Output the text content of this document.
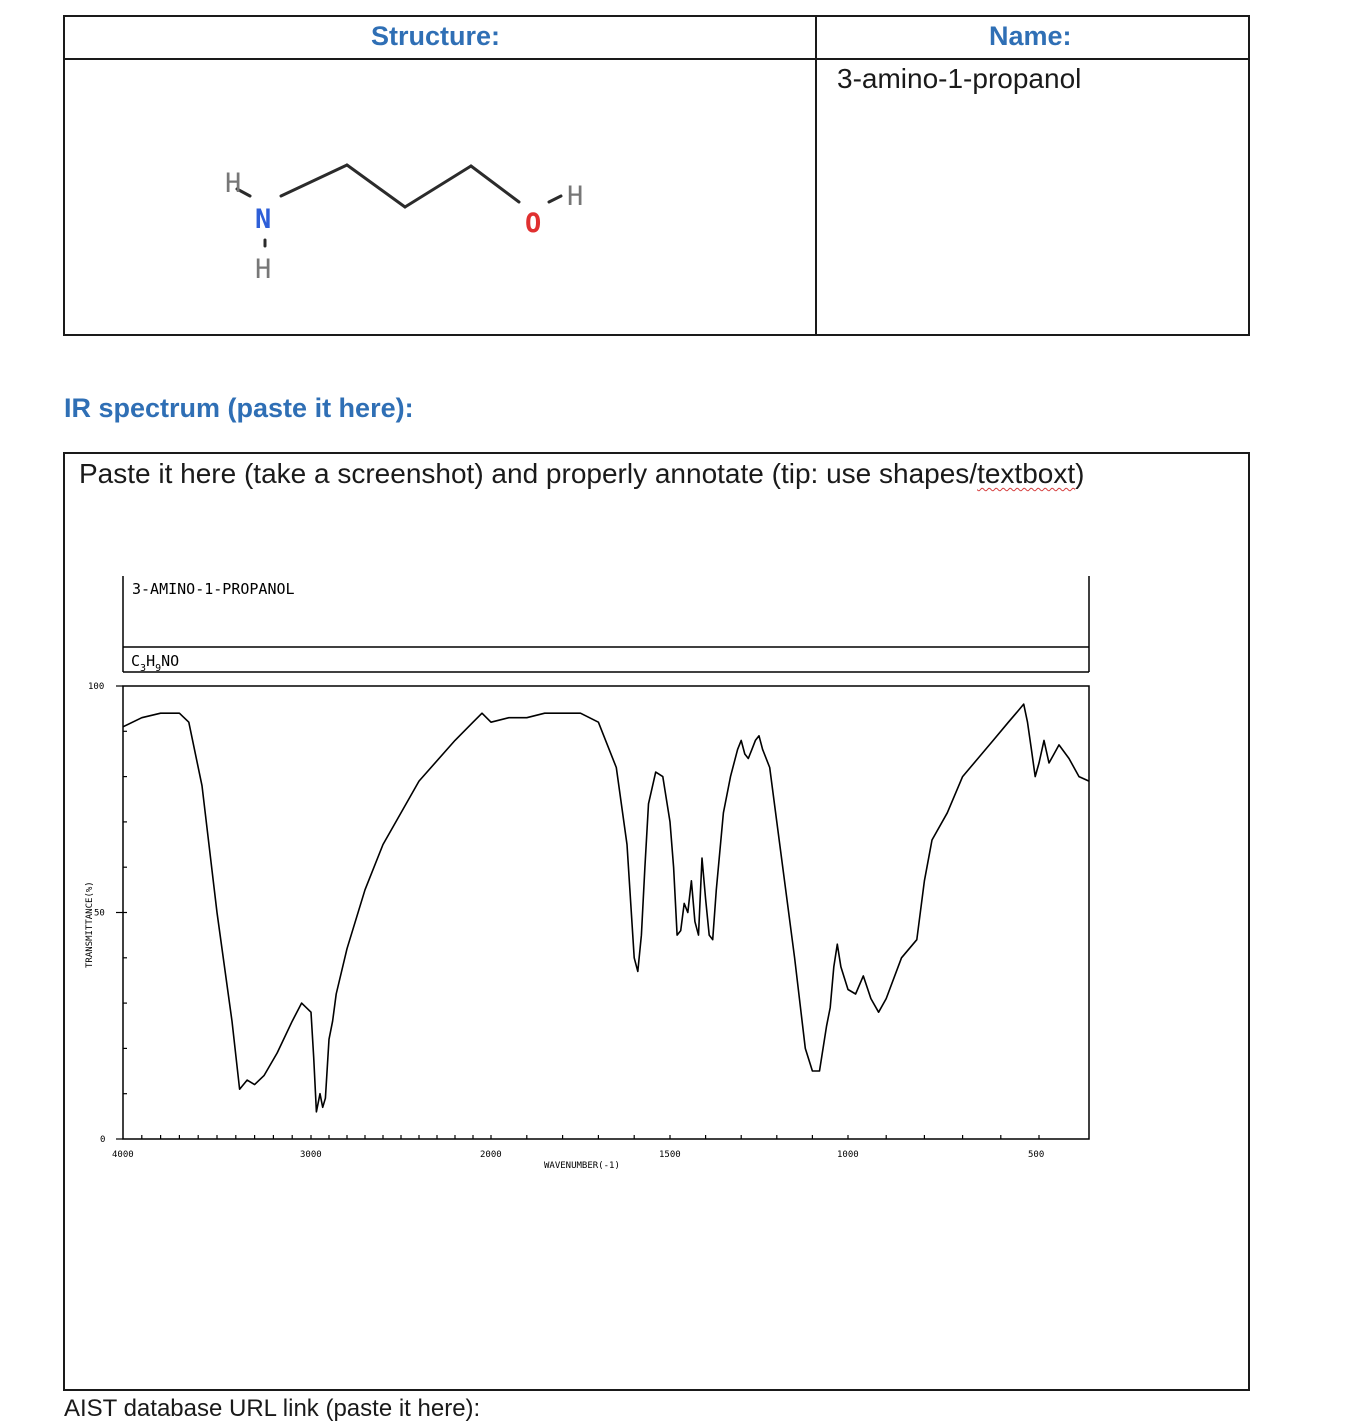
Structure:	Name:
3-amino-1-propanol
H
N
H
O
H
IR spectrum (paste it here):
Paste it here (take a screenshot) and properly annotate (tip: use shapes/textboxt)
3-AMINO-1-PROPANOL
$C_3H_9NO$
4000	3000	2000	1500	1000	500
100
50
0
WAVENUMBER(-1)
TRANSMITTANCE(%)
AIST database URL link (paste it here):
